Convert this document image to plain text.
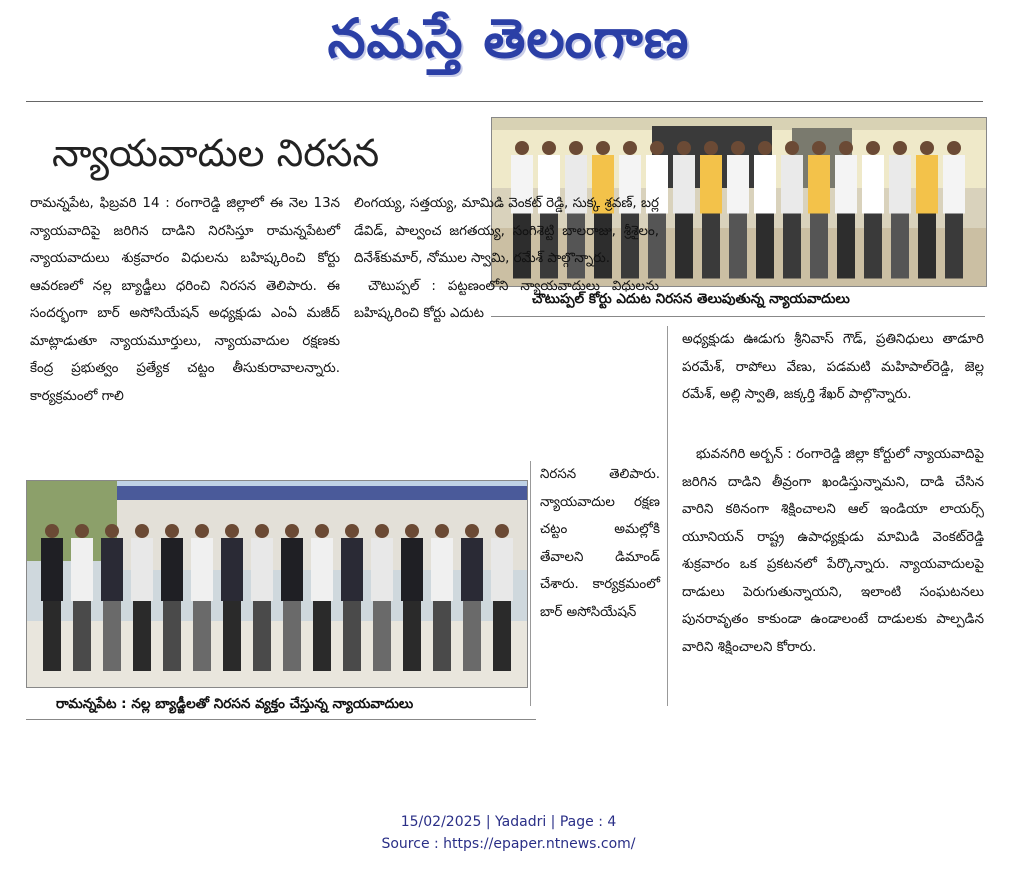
నమస్తే తెలంగాణ
న్యాయవాదుల నిరసన
చౌటుప్పల్ కోర్టు ఎదుట నిరసన తెలుపుతున్న న్యాయవాదులు

రామన్నపేట, ఫిబ్రవరి 14 : రంగారెడ్డి జిల్లాలో ఈ నెల 13న న్యాయవాదిపై జరిగిన దాడిని నిరసిస్తూ రామన్నపేటలో న్యాయవాదులు శుక్రవారం విధులను బహిష్కరించి కోర్టు ఆవరణలో నల్ల బ్యాడ్జీలు ధరించి నిరసన తెలిపారు. ఈ సందర్భంగా బార్ అసోసియేషన్ అధ్యక్షుడు ఎంఏ మజీద్ మాట్లాడుతూ న్యాయమూర్తులు, న్యాయవాదుల రక్షణకు కేంద్ర ప్రభుత్వం ప్రత్యేక చట్టం తీసుకురావాలన్నారు. కార్యక్రమంలో గాలి

లింగయ్య, సత్తయ్య, మామిడి వెంకట్ రెడ్డి, సుక్క శ్రవణ్, బర్ల డేవిడ్, పాల్వంచ జగతయ్య, సంగిశెట్టి బాలరాజు, శ్రీశైలం, దినేశ్‌కుమార్, నోముల స్వామి, రమేశ్ పాల్గొన్నారు.

చౌటుప్పల్ : పట్టణంలోని న్యాయవాదులు విధులను బహిష్కరించి కోర్టు ఎదుట

నిరసన తెలిపారు. న్యాయవాదుల రక్షణ చట్టం అమల్లోకి తేవాలని డిమాండ్ చేశారు. కార్యక్రమంలో బార్ అసోసియేషన్

అధ్యక్షుడు ఊడుగు శ్రీనివాస్ గౌడ్, ప్రతినిధులు తాడూరి పరమేశ్, రాపోలు వేణు, పడమటి మహిపాల్‌రెడ్డి, జెల్ల రమేశ్, అల్లి స్వాతి, జక్కర్తి శేఖర్ పాల్గొన్నారు.

భువనగిరి అర్బన్ : రంగారెడ్డి జిల్లా కోర్టులో న్యాయవాదిపై జరిగిన దాడిని తీవ్రంగా ఖండిస్తున్నామని, దాడి చేసిన వారిని కఠినంగా శిక్షించాలని ఆల్ ఇండియా లాయర్స్ యూనియన్ రాష్ట్ర ఉపాధ్యక్షుడు మామిడి వెంకట్‌రెడ్డి శుక్రవారం ఒక ప్రకటనలో పేర్కొన్నారు. న్యాయవాదులపై దాడులు పెరుగుతున్నాయని, ఇలాంటి సంఘటనలు పునరావృతం కాకుండా ఉండాలంటే దాడులకు పాల్పడిన వారిని శిక్షించాలని కోరారు.

రామన్నపేట : నల్ల బ్యాడ్జీలతో నిరసన వ్యక్తం చేస్తున్న న్యాయవాదులు
15/02/2025 | Yadadri | Page : 4
Source : https://epaper.ntnews.com/
